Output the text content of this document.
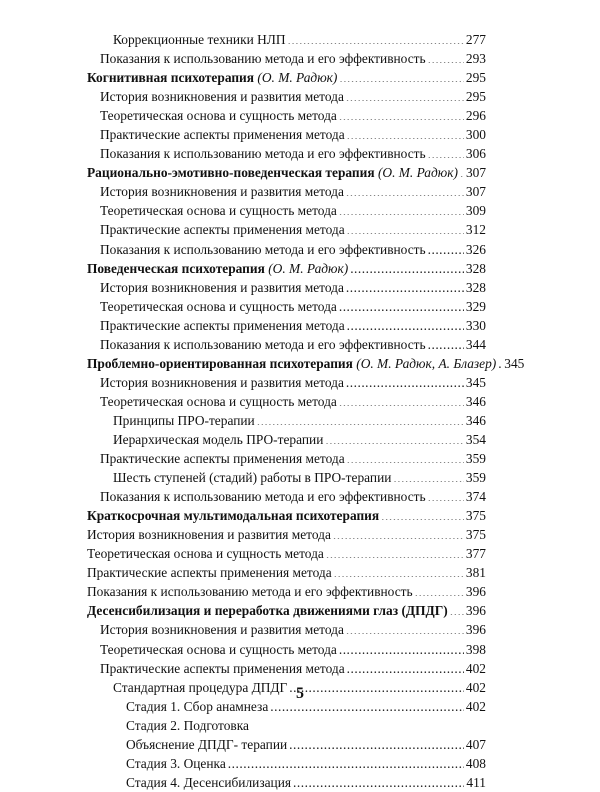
Коррекционные техники НЛП .....	277
Показания к использованию метода и его эффективность .....	293
Когнитивная психотерапия (О. М. Радюк) .....	295
История возникновения и развития метода .....	295
Теоретическая основа и сущность метода .....	296
Практические аспекты применения метода .....	300
Показания к использованию метода и его эффективность .....	306
Рационально-эмотивно-поведенческая терапия (О. М. Радюк) ..... 307
История возникновения и развития метода .....	307
Теоретическая основа и сущность метода .....	309
Практические аспекты применения метода .....	312
Показания к использованию метода и его эффективность .....	326
Поведенческая психотерапия (О. М. Радюк) .....	328
История возникновения и развития метода .....	328
Теоретическая основа и сущность метода .....	329
Практические аспекты применения метода .....	330
Показания к использованию метода и его эффективность .....	344
Проблемно-ориентированная психотерапия (О. М. Радюк, А. Блазер) ..... 345
История возникновения и развития метода .....	345
Теоретическая основа и сущность метода .....	346
Принципы ПРО-терапии .....	346
Иерархическая модель ПРО-терапии .....	354
Практические аспекты применения метода .....	359
Шесть ступеней (стадий) работы в ПРО-терапии .....	359
Показания к использованию метода и его эффективность .....	374
Краткосрочная мультимодальная психотерапия .....	375
История возникновения и развития метода .....	375
Теоретическая основа и сущность метода .....	377
Практические аспекты применения метода .....	381
Показания к использованию метода и его эффективность .....	396
Десенсибилизация и переработка движениями глаз (ДПДГ) ..... 396
История возникновения и развития метода .....	396
Теоретическая основа и сущность метода .....	398
Практические аспекты применения метода .....	402
Стандартная процедура ДПДГ .....	402
Стадия 1. Сбор анамнеза .....	402
Стадия 2. Подготовка
Объяснение ДПДГ- терапии .....	407
Стадия 3. Оценка .....	408
Стадия 4. Десенсибилизация .....	411
5
